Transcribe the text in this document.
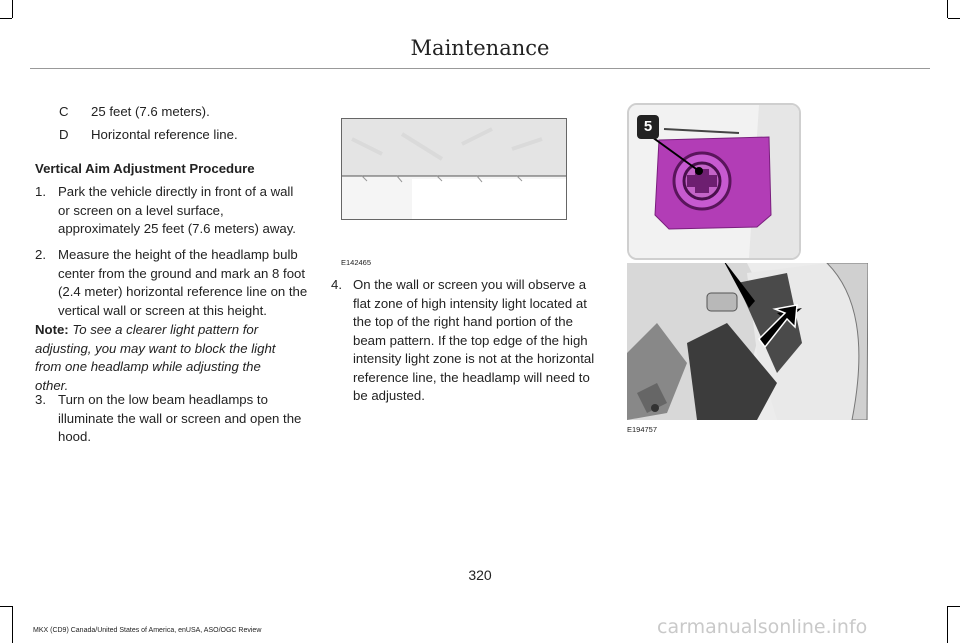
Maintenance
C 25 feet (7.6 meters).
D Horizontal reference line.
Vertical Aim Adjustment Procedure
1. Park the vehicle directly in front of a wall or screen on a level surface, approximately 25 feet (7.6 meters) away.
2. Measure the height of the headlamp bulb center from the ground and mark an 8 foot (2.4 meter) horizontal reference line on the vertical wall or screen at this height.
Note: To see a clearer light pattern for adjusting, you may want to block the light from one headlamp while adjusting the other.
3. Turn on the low beam headlamps to illuminate the wall or screen and open the hood.
E142465
4. On the wall or screen you will observe a flat zone of high intensity light located at the top of the right hand portion of the beam pattern. If the top edge of the high intensity light zone is not at the horizontal reference line, the headlamp will need to be adjusted.
5
E194757
320
MKX (CD9) Canada/United States of America, enUSA, ASO/OGC Review	carmanualsonline.info
